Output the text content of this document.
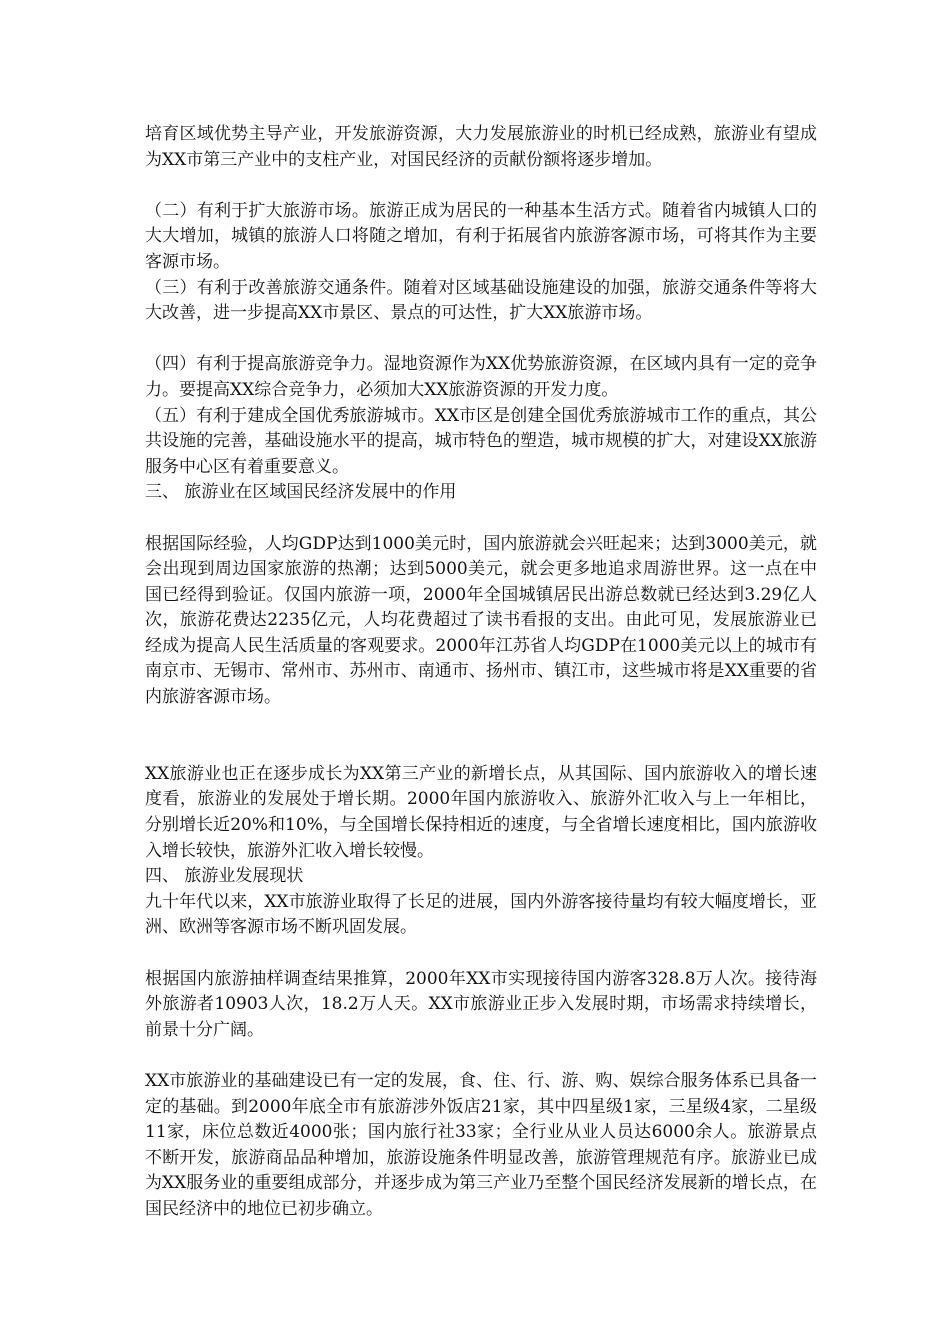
培育区域优势主导产业，开发旅游资源，大力发展旅游业的时机已经成熟，旅游业有望成为XX市第三产业中的支柱产业，对国民经济的贡献份额将逐步增加。

（二）有利于扩大旅游市场。旅游正成为居民的一种基本生活方式。随着省内城镇人口的大大增加，城镇的旅游人口将随之增加，有利于拓展省内旅游客源市场，可将其作为主要客源市场。

（三）有利于改善旅游交通条件。随着对区域基础设施建设的加强，旅游交通条件等将大大改善，进一步提高XX市景区、景点的可达性，扩大XX旅游市场。

（四）有利于提高旅游竞争力。湿地资源作为XX优势旅游资源，在区域内具有一定的竞争力。要提高XX综合竞争力，必须加大XX旅游资源的开发力度。

（五）有利于建成全国优秀旅游城市。XX市区是创建全国优秀旅游城市工作的重点，其公共设施的完善，基础设施水平的提高，城市特色的塑造，城市规模的扩大，对建设XX旅游服务中心区有着重要意义。

三、 旅游业在区域国民经济发展中的作用

根据国际经验，人均GDP达到1000美元时，国内旅游就会兴旺起来；达到3000美元，就会出现到周边国家旅游的热潮；达到5000美元，就会更多地追求周游世界。这一点在中国已经得到验证。仅国内旅游一项，2000年全国城镇居民出游总数就已经达到3.29亿人次，旅游花费达2235亿元，人均花费超过了读书看报的支出。由此可见，发展旅游业已经成为提高人民生活质量的客观要求。2000年江苏省人均GDP在1000美元以上的城市有南京市、无锡市、常州市、苏州市、南通市、扬州市、镇江市，这些城市将是XX重要的省内旅游客源市场。

XX旅游业也正在逐步成长为XX第三产业的新增长点，从其国际、国内旅游收入的增长速度看，旅游业的发展处于增长期。2000年国内旅游收入、旅游外汇收入与上一年相比，分别增长近20%和10%，与全国增长保持相近的速度，与全省增长速度相比，国内旅游收入增长较快，旅游外汇收入增长较慢。

四、 旅游业发展现状

九十年代以来，XX市旅游业取得了长足的进展，国内外游客接待量均有较大幅度增长，亚洲、欧洲等客源市场不断巩固发展。

根据国内旅游抽样调查结果推算，2000年XX市实现接待国内游客328.8万人次。接待海外旅游者10903人次，18.2万人天。XX市旅游业正步入发展时期，市场需求持续增长，前景十分广阔。

XX市旅游业的基础建设已有一定的发展，食、住、行、游、购、娱综合服务体系已具备一定的基础。到2000年底全市有旅游涉外饭店21家，其中四星级1家，三星级4家，二星级11家，床位总数近4000张；国内旅行社33家；全行业从业人员达6000余人。旅游景点不断开发，旅游商品品种增加，旅游设施条件明显改善，旅游管理规范有序。旅游业已成为XX服务业的重要组成部分，并逐步成为第三产业乃至整个国民经济发展新的增长点，在国民经济中的地位已初步确立。
